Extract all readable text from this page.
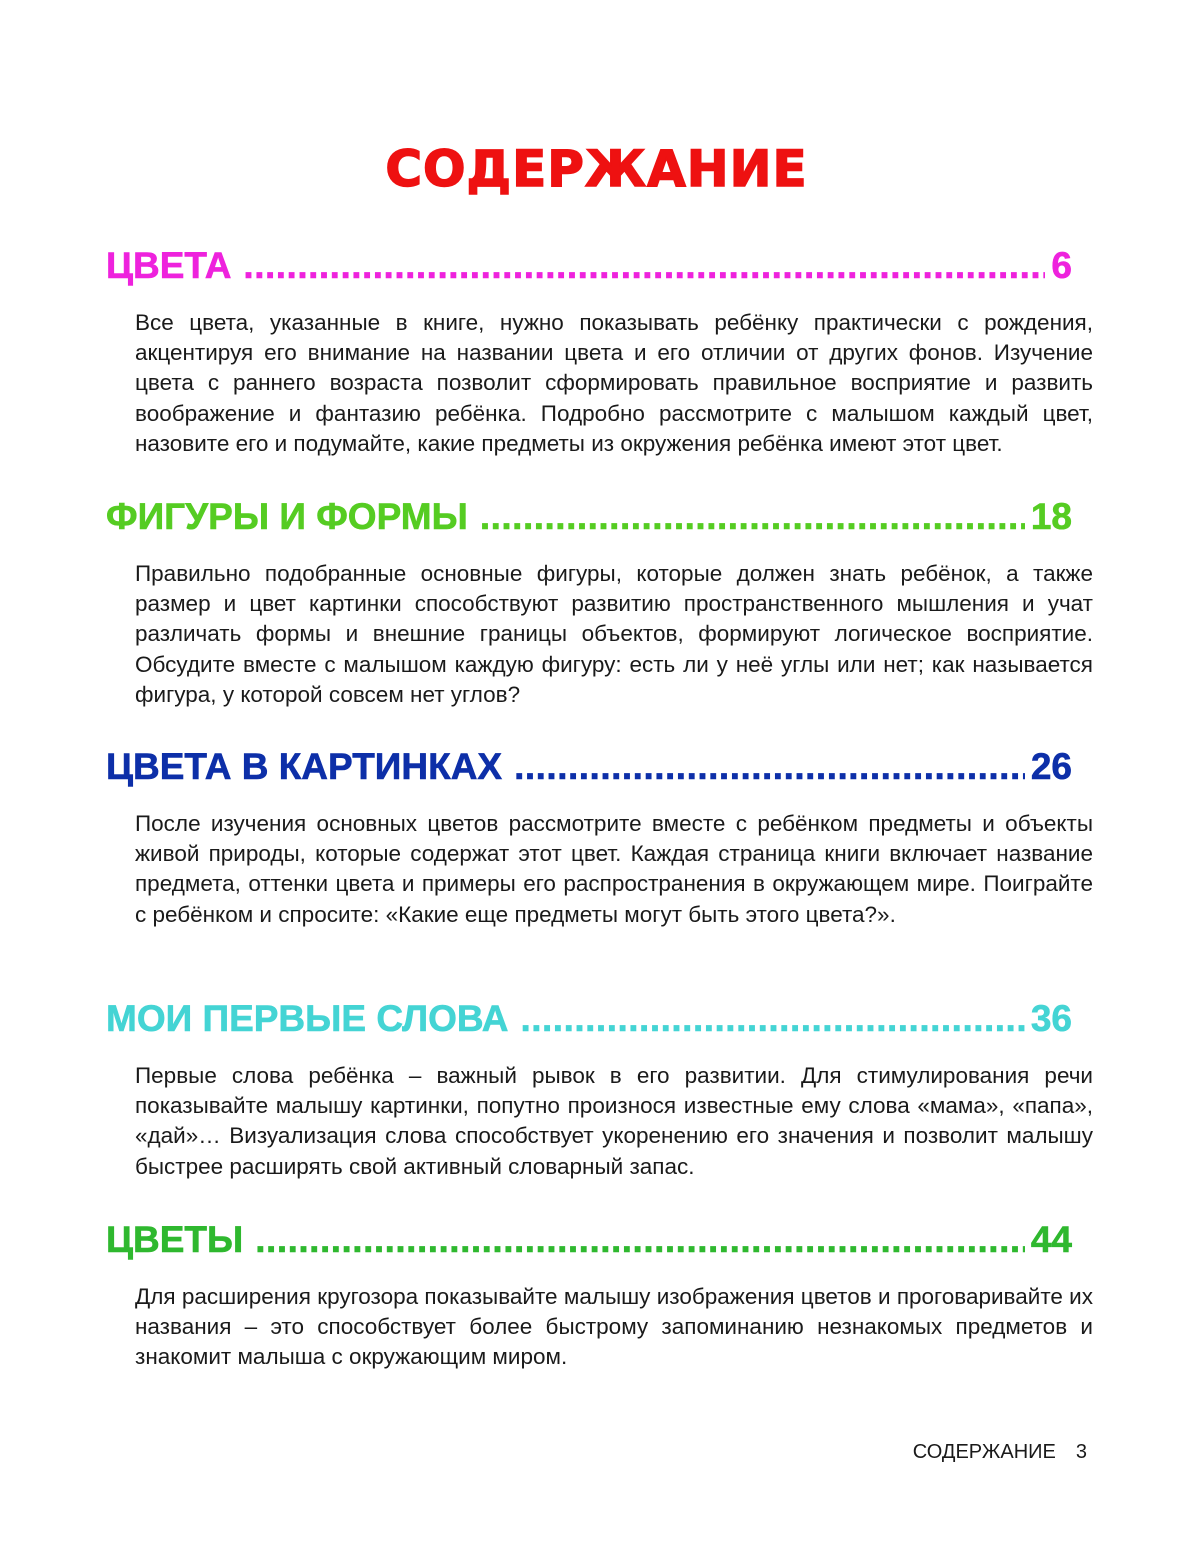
СОДЕРЖАНИЕ
ЦВЕТА .....	6
Все цвета, указанные в книге, нужно показывать ребёнку практически с рождения, акцентируя его внимание на названии цвета и его отличии от других фонов. Изучение цвета с раннего возраста позволит сформировать правильное восприятие и развить воображение и фантазию ребёнка. Подробно рассмотрите с малышом каждый цвет, назовите его и подумайте, какие предметы из окружения ребёнка имеют этот цвет.
ФИГУРЫ И ФОРМЫ .....	18
Правильно подобранные основные фигуры, которые должен знать ребёнок, а также размер и цвет картинки способствуют развитию пространственного мышления и учат различать формы и внешние границы объектов, формируют логическое восприятие. Обсудите вместе с малышом каждую фигуру: есть ли у неё углы или нет; как называется фигура, у которой совсем нет углов?
ЦВЕТА В КАРТИНКАХ .....	26
После изучения основных цветов рассмотрите вместе с ребёнком предметы и объекты живой природы, которые содержат этот цвет. Каждая страница книги включает название предмета, оттенки цвета и примеры его распространения в окружающем мире. Поиграйте с ребёнком и спросите: «Какие еще предметы могут быть этого цвета?».
МОИ ПЕРВЫЕ СЛОВА .....	36
Первые слова ребёнка – важный рывок в его развитии. Для стимулирования речи показывайте малышу картинки, попутно произнося известные ему слова «мама», «папа», «дай»… Визуализация слова способствует укоренению его значения и позволит малышу быстрее расширять свой активный словарный запас.
ЦВЕТЫ .....	44
Для расширения кругозора показывайте малышу изображения цветов и проговаривайте их названия – это способствует более быстрому запоминанию незнакомых предметов и знакомит малыша с окружающим миром.
СОДЕРЖАНИЕ 3
